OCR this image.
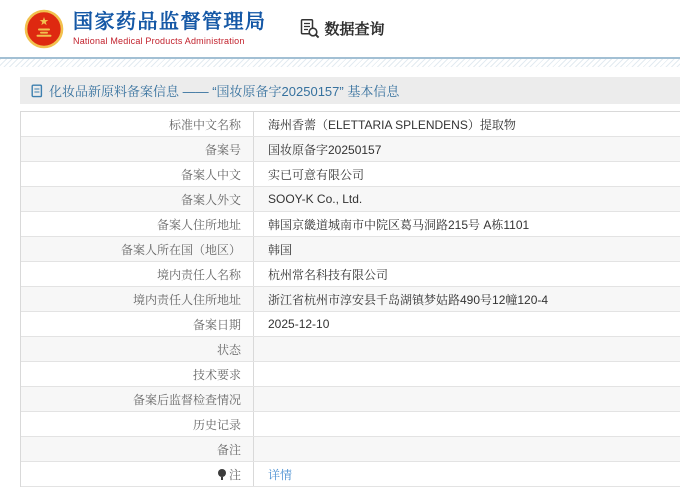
国家药品监督管理局
National Medical Products Administration
数据查询
化妆品新原料备案信息 —— “国妆原备字20250157” 基本信息
标准中文名称	海州香薷（ELETTARIA SPLENDENS）提取物
备案号	国妆原备字20250157
备案人中文	实已可意有限公司
备案人外文	SOOY-K Co., Ltd.
备案人住所地址	韩国京畿道城南市中院区葛马洞路215号 A栋1101
备案人所在国（地区）	韩国
境内责任人名称	杭州常名科技有限公司
境内责任人住所地址	浙江省杭州市淳安县千岛湖镇梦姑路490号12幢120-4
备案日期	2025-12-10
状态
技术要求
备案后监督检查情况
历史记录
备注
注 详情
